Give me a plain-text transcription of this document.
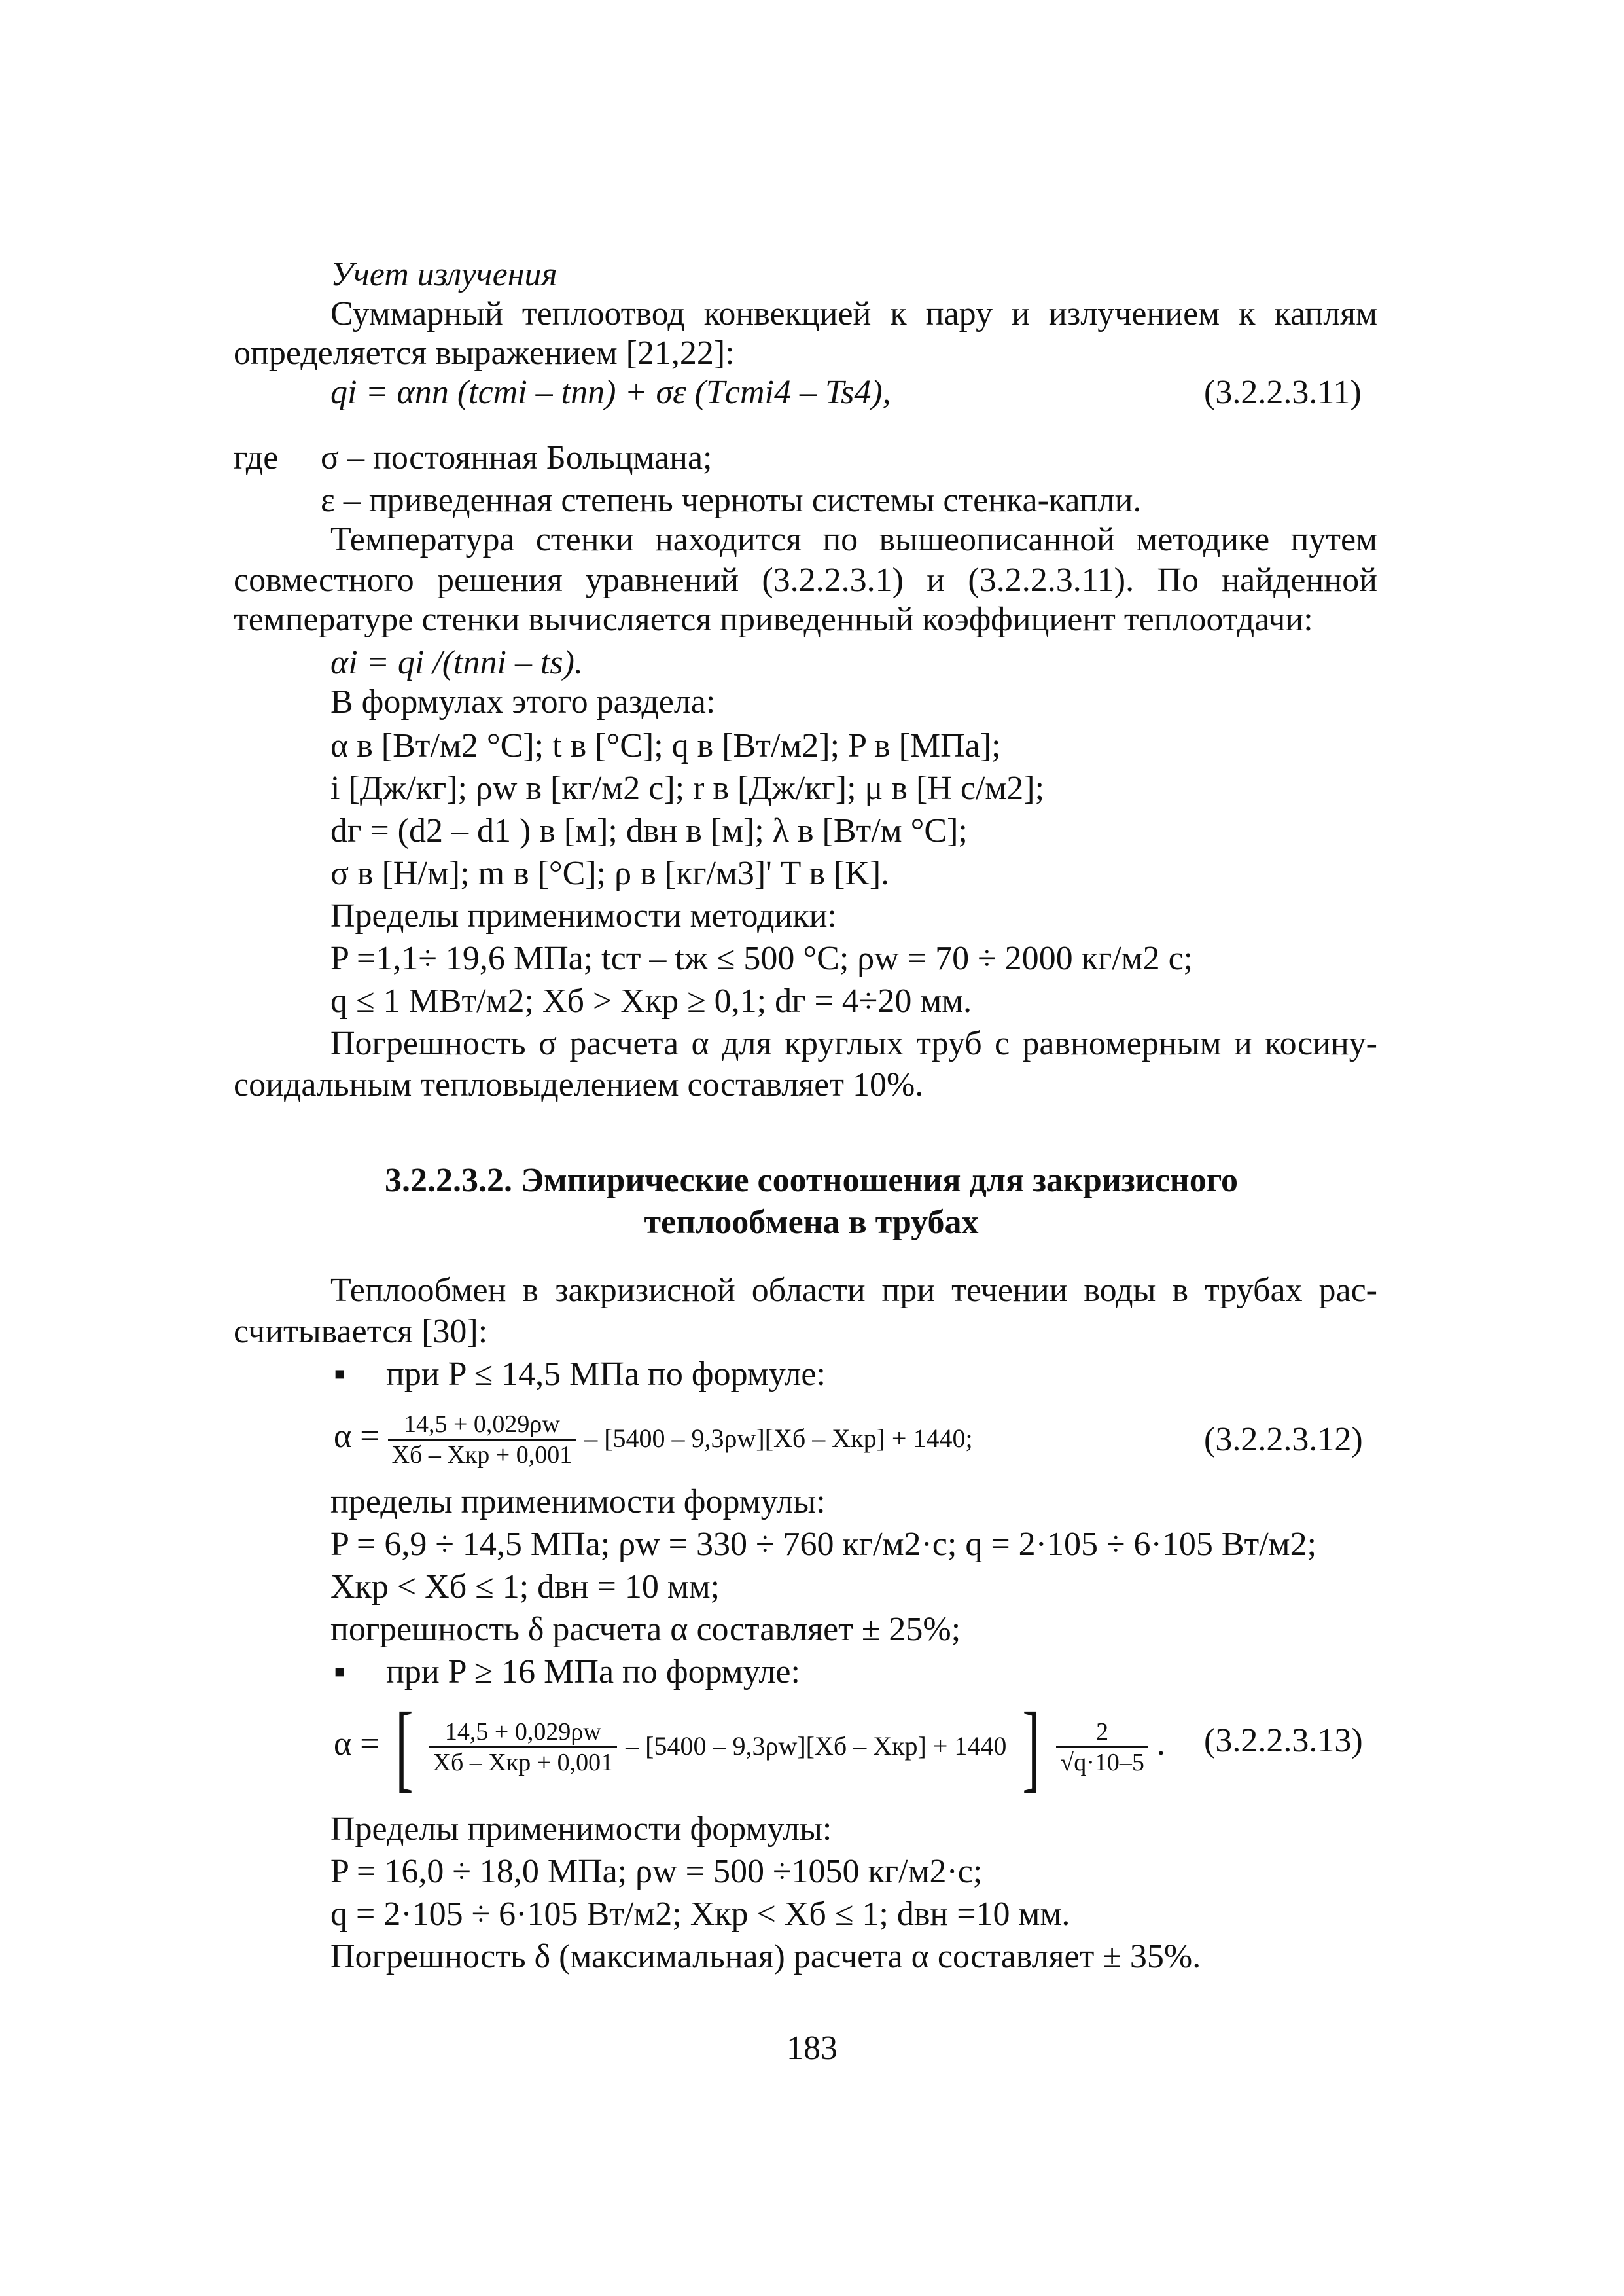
Учет излучения
Суммарный теплоотвод конвекцией к пару и излучением к каплям
определяется выражением [21,22]:
qi = αпп (tстi – tпп) + σε (Tстi4 – Ts4),	(3.2.2.3.11)
где σ – постоянная Больцмана;
ε – приведенная степень черноты системы стенка-капли.
Температура стенки находится по вышеописанной методике путем
совместного решения уравнений (3.2.2.3.1) и (3.2.2.3.11). По найденной
температуре стенки вычисляется приведенный коэффициент теплоотдачи:
αi = qi /(tппi – ts).
В формулах этого раздела:
α в [Вт/м2 °С]; t в [°С]; q в [Вт/м2]; P в [МПа];
i [Дж/кг]; ρw в [кг/м2 с]; r в [Дж/кг]; μ в [Н с/м2];
dг = (d2 – d1 ) в [м]; dвн в [м]; λ в [Вт/м °С];
σ в [Н/м]; m в [°С]; ρ в [кг/м3]' T в [K].
Пределы применимости методики:
P =1,1÷ 19,6 МПа; tст – tж ≤ 500 °С; ρw = 70 ÷ 2000 кг/м2 с;
q ≤ 1 МВт/м2; Xб > Xкр ≥ 0,1; dг = 4÷20 мм.
Погрешность σ расчета α для круглых труб с равномерным и косину-
соидальным тепловыделением составляет 10%.
3.2.2.3.2. Эмпирические соотношения для закризисного
теплообмена в трубах
Теплообмен в закризисной области при течении воды в трубах рас-
считывается [30]:
▪ при P ≤ 14,5 МПа по формуле:
$\alpha = \frac{14,5 + 0,029\rho w}{\text{Xб – Xкр + 0,001}} - [5400 - 9,3\rho w][Xб - Xкр] + 1440$;	(3.2.2.3.12)
пределы применимости формулы:
P = 6,9 ÷ 14,5 МПа; ρw = 330 ÷ 760 кг/м2·с; q = 2·105 ÷ 6·105 Вт/м2;
Xкр < Xб ≤ 1; dвн = 10 мм;
погрешность δ расчета α составляет ± 25%;
▪ при P ≥ 16 МПа по формуле:
α = [ $\frac{14,5 + 0,029\rho w}{\text{Xб – Xкр + 0,001}} - [5400 - 9,3\rho w][Xб - Xкр] + 1440$ ] $\frac{2}{√q\cdot 10-5}$ . (3.2.2.3.13)
Пределы применимости формулы:
P = 16,0 ÷ 18,0 МПа; ρw = 500 ÷1050 кг/м2·с;
q = 2·105 ÷ 6·105 Вт/м2; Xкр < Xб ≤ 1; dвн =10 мм.
Погрешность δ (максимальная) расчета α составляет ± 35%.
183
